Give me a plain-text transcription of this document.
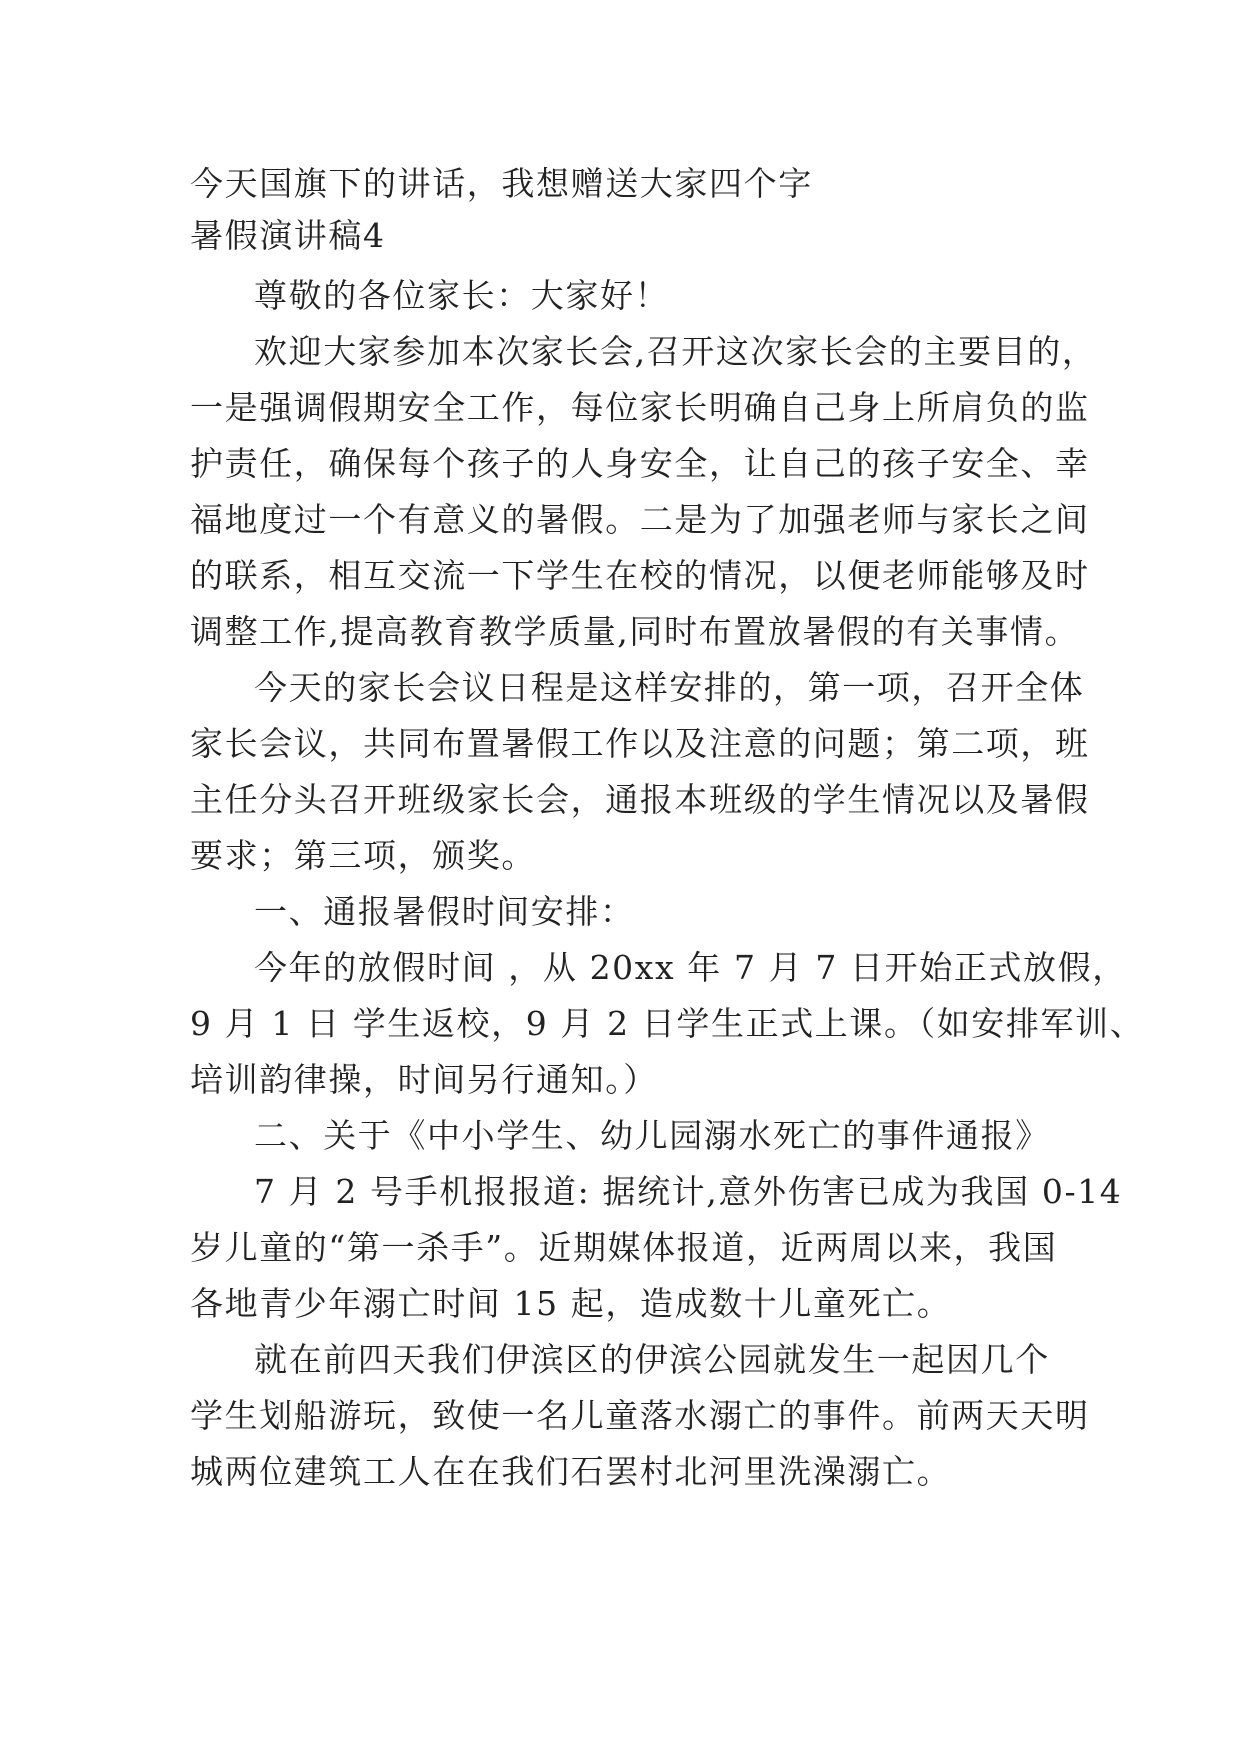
今天国旗下的讲话，我想赠送大家四个字
暑假演讲稿4
尊敬的各位家长：大家好！
欢迎大家参加本次家长会,召开这次家长会的主要目的，
一是强调假期安全工作，每位家长明确自己身上所肩负的监
护责任，确保每个孩子的人身安全，让自己的孩子安全、幸
福地度过一个有意义的暑假。二是为了加强老师与家长之间
的联系，相互交流一下学生在校的情况，以便老师能够及时
调整工作,提高教育教学质量,同时布置放暑假的有关事情。
今天的家长会议日程是这样安排的，第一项，召开全体
家长会议，共同布置暑假工作以及注意的问题；第二项，班
主任分头召开班级家长会，通报本班级的学生情况以及暑假
要求；第三项，颁奖。
一、通报暑假时间安排：
今年的放假时间 ，从 20xx 年 7 月 7 日开始正式放假，
9 月 1 日 学生返校，9 月 2 日学生正式上课。（如安排军训、
培训韵律操，时间另行通知。）
二、关于《中小学生、幼儿园溺水死亡的事件通报》
7 月 2 号手机报报道: 据统计,意外伤害已成为我国 0-14
岁儿童的“第一杀手”。近期媒体报道，近两周以来，我国
各地青少年溺亡时间 15 起，造成数十儿童死亡。
就在前四天我们伊滨区的伊滨公园就发生一起因几个
学生划船游玩，致使一名儿童落水溺亡的事件。前两天天明
城两位建筑工人在在我们石罢村北河里洗澡溺亡。
